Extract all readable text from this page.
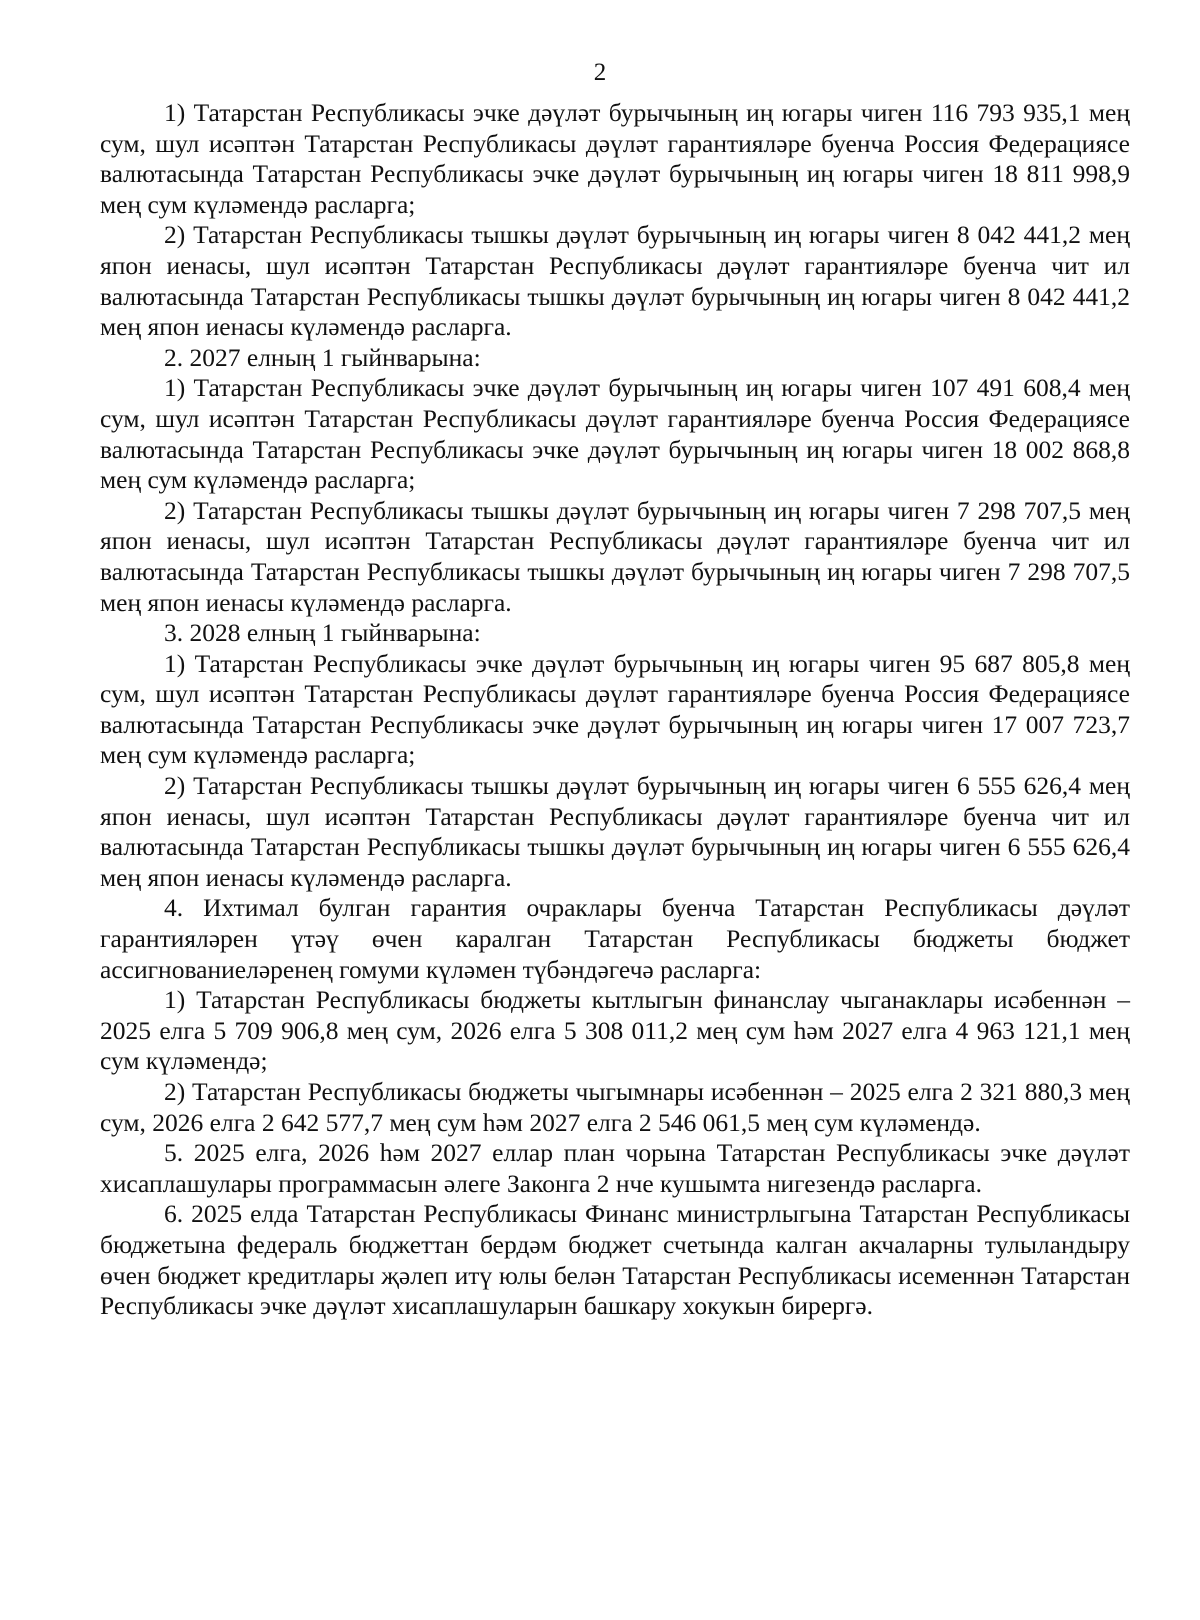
2

1) Татарстан Республикасы эчке дәүләт бурычының иң югары чиген 116 793 935,1 мең сум, шул исәптән Татарстан Республикасы дәүләт гарантияләре буенча Россия Федерациясе валютасында Татарстан Республикасы эчке дәүләт бурычының иң югары чиген 18 811 998,9 мең сум күләмендә расларга;

2) Татарстан Республикасы тышкы дәүләт бурычының иң югары чиген 8 042 441,2 мең япон иенасы, шул исәптән Татарстан Республикасы дәүләт гарантияләре буенча чит ил валютасында Татарстан Республикасы тышкы дәүләт бурычының иң югары чиген 8 042 441,2 мең япон иенасы күләмендә расларга.

2. 2027 елның 1 гыйнварына:

1) Татарстан Республикасы эчке дәүләт бурычының иң югары чиген 107 491 608,4 мең сум, шул исәптән Татарстан Республикасы дәүләт гарантияләре буенча Россия Федерациясе валютасында Татарстан Республикасы эчке дәүләт бурычының иң югары чиген 18 002 868,8 мең сум күләмендә расларга;

2) Татарстан Республикасы тышкы дәүләт бурычының иң югары чиген 7 298 707,5 мең япон иенасы, шул исәптән Татарстан Республикасы дәүләт гарантияләре буенча чит ил валютасында Татарстан Республикасы тышкы дәүләт бурычының иң югары чиген 7 298 707,5 мең япон иенасы күләмендә расларга.

3. 2028 елның 1 гыйнварына:

1) Татарстан Республикасы эчке дәүләт бурычының иң югары чиген 95 687 805,8 мең сум, шул исәптән Татарстан Республикасы дәүләт гарантияләре буенча Россия Федерациясе валютасында Татарстан Республикасы эчке дәүләт бурычының иң югары чиген 17 007 723,7 мең сум күләмендә расларга;

2) Татарстан Республикасы тышкы дәүләт бурычының иң югары чиген 6 555 626,4 мең япон иенасы, шул исәптән Татарстан Республикасы дәүләт гарантияләре буенча чит ил валютасында Татарстан Республикасы тышкы дәүләт бурычының иң югары чиген 6 555 626,4 мең япон иенасы күләмендә расларга.

4. Ихтимал булган гарантия очраклары буенча Татарстан Республикасы дәүләт гарантияләрен үтәү өчен каралган Татарстан Республикасы бюджеты бюджет ассигнованиеләренең гомуми күләмен түбәндәгечә расларга:

1) Татарстан Республикасы бюджеты кытлыгын финанслау чыганаклары исәбеннән – 2025 елга 5 709 906,8 мең сум, 2026 елга 5 308 011,2 мең сум һәм 2027 елга 4 963 121,1 мең сум күләмендә;

2) Татарстан Республикасы бюджеты чыгымнары исәбеннән – 2025 елга 2 321 880,3 мең сум, 2026 елга 2 642 577,7 мең сум һәм 2027 елга 2 546 061,5 мең сум күләмендә.

5. 2025 елга, 2026 һәм 2027 еллар план чорына Татарстан Республикасы эчке дәүләт хисаплашулары программасын әлеге Законга 2 нче кушымта нигезендә расларга.

6. 2025 елда Татарстан Республикасы Финанс министрлыгына Татарстан Республикасы бюджетына федераль бюджеттан бердәм бюджет счетында калган акчаларны тулыландыру өчен бюджет кредитлары җәлеп итү юлы белән Татарстан Республикасы исеменнән Татарстан Республикасы эчке дәүләт хисаплашуларын башкару хокукын бирергә.
